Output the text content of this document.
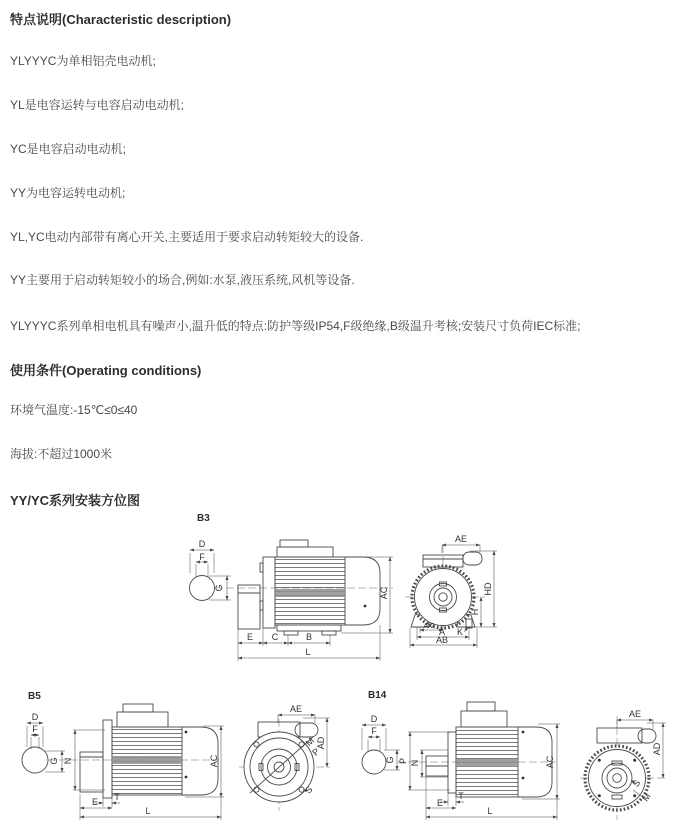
特点说明(Characteristic description)
YLYYYC为单相铝壳电动机;
YL是电容运转与电容启动电动机;
YC是电容启动电动机;
YY为电容运转电动机;
YL,YC电动内部带有离心开关,主要适用于要求启动转矩较大的设备.
YY主要用于启动转矩较小的场合,例如:水泵,液压系统,风机等设备.
YLYYYC系列单相电机具有噪声小,温升低的特点:防护等级IP54,F级绝缘,B级温升考核;安装尺寸负荷IEC标准;
使用条件(Operating conditions)
环境气温度:-15℃≤0≤40
海拔:不超过1000米
YY/YC系列安装方位图
B3
D
F
G	AC
E C	B
L
AE
HD
H
A/2
K
A
AB
B5
D
F
G N	AC
T
E
L
AE
AD
M
P
S
B14
D
F
G P N	AC
T
E
L
AE
AD
S
M
